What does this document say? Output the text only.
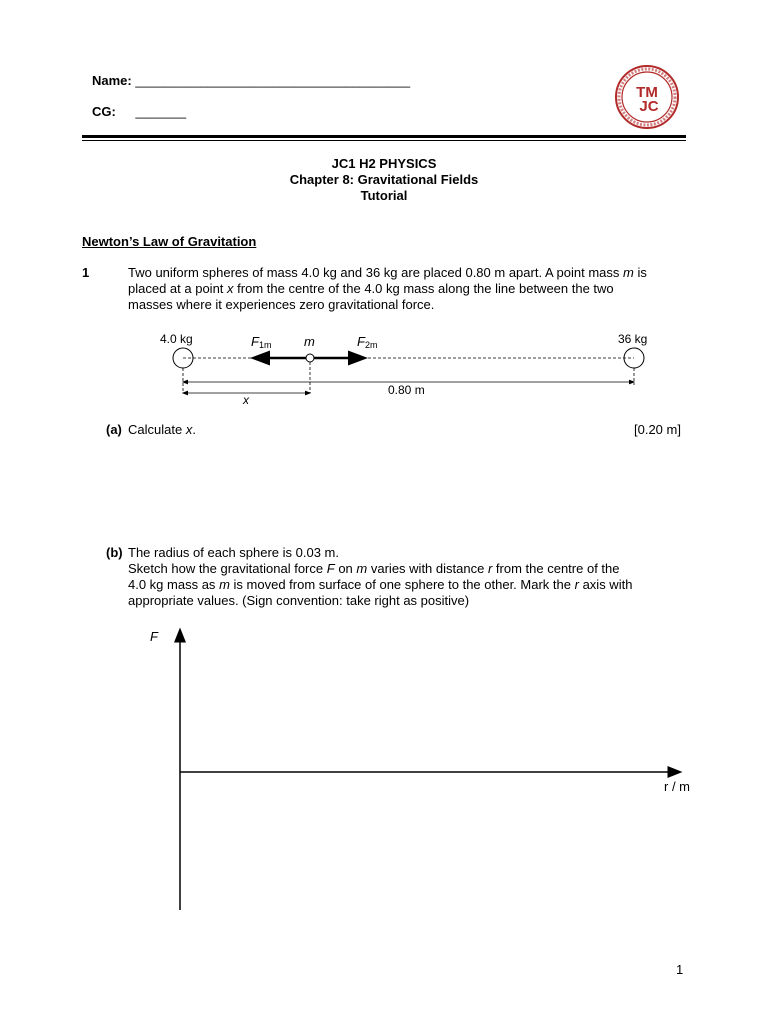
Name: ______________________________________
CG: _______
TM
JC
JC1 H2 PHYSICS
Chapter 8: Gravitational Fields
Tutorial
Newton’s Law of Gravitation
1	Two uniform spheres of mass 4.0 kg and 36 kg are placed 0.80 m apart. A point mass m is
placed at a point x from the centre of the 4.0 kg mass along the line between the two
masses where it experiences zero gravitational force.
4.0 kg	36 kg
F1m	F2m
m
0.80 m
x
(a) Calculate x.	[0.20 m]
(b) The radius of each sphere is 0.03 m.
Sketch how the gravitational force F on m varies with distance r from the centre of the
4.0 kg mass as m is moved from surface of one sphere to the other. Mark the r axis with
appropriate values. (Sign convention: take right as positive)
F
r / m
1
